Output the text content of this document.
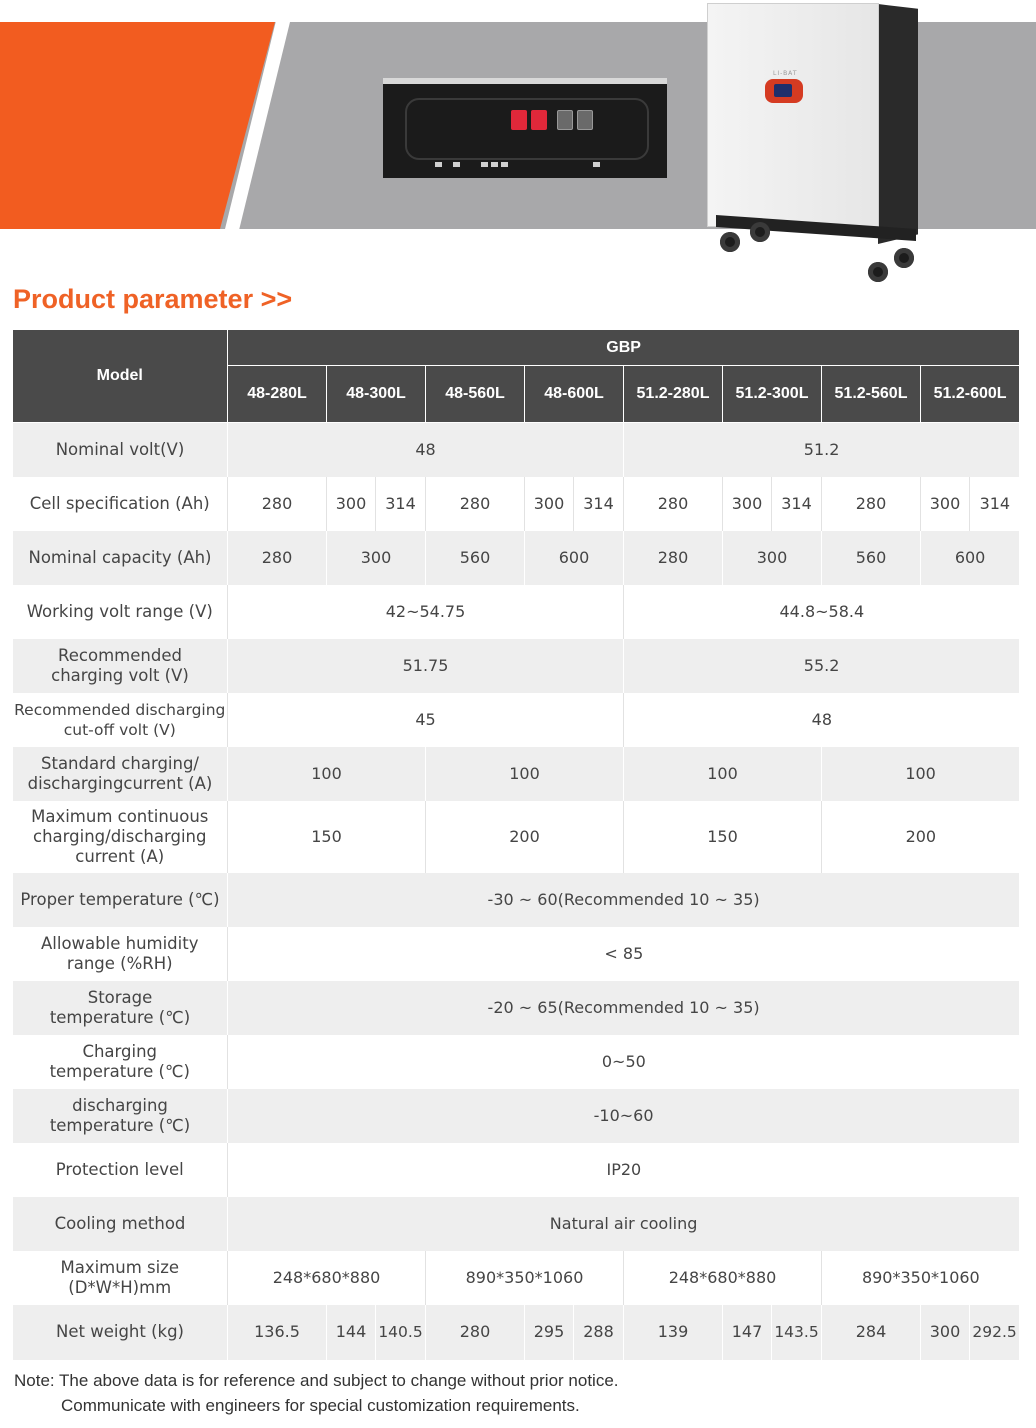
LI-BAT
Product parameter >>
Model	GBP											
	48-280L	48-300L		48-560L	48-600L		51.2-280L	51.2-300L		51.2-560L	51.2-600L	
Nominal volt(V)	48						51.2					
Cell specification (Ah)	280	300	314	280	300	314	280	300	314	280	300	314
Nominal capacity (Ah)	280	300		560	600		280	300		560	600	
Working volt range (V)	42~54.75						44.8~58.4					
Recommended
charging volt (V)	51.75						55.2					
Recommended discharging
cut-off volt (V)	45						48					
Standard charging/
dischargingcurrent (A)	100			100			100			100		
Maximum continuous
charging/discharging
current (A)	150			200			150			200		
Proper temperature (℃)	-30 ~ 60(Recommended 10 ~ 35)											
Allowable humidity
range (%RH)	< 85											
Storage
temperature (℃)	-20 ~ 65(Recommended 10 ~ 35)											
Charging
temperature (℃)	0~50											
discharging
temperature (℃)	-10~60											
Protection level	IP20											
Cooling method	Natural air cooling											
Maximum size
(D*W*H)mm	248*680*880			890*350*1060			248*680*880			890*350*1060		
Net weight (kg)	136.5	144	140.5	280	295	288	139	147	143.5	284	300	292.5

Note: The above data is for reference and subject to change without prior notice.
Communicate with engineers for special customization requirements.
